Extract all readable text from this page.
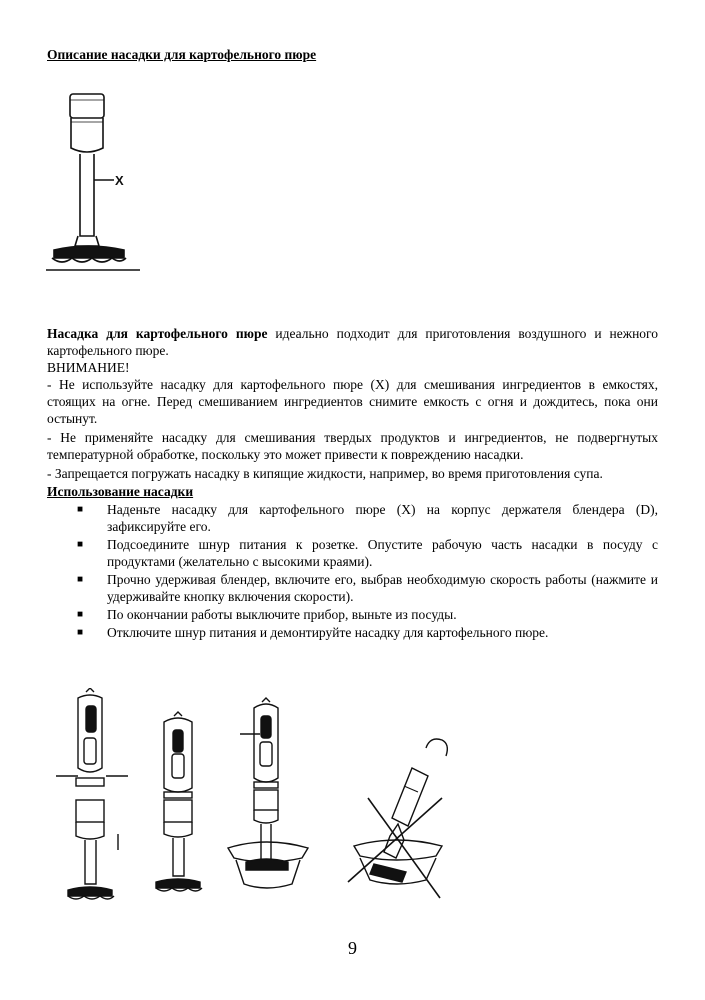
Описание насадки для картофельного пюре
X

Насадка для картофельного пюре идеально подходит для приготовления воздушного и нежного картофельного пюре.

ВНИМАНИЕ!

- Не используйте насадку для картофельного пюре (X) для смешивания ингредиентов в емкостях, стоящих на огне. Перед смешиванием ингредиентов снимите емкость с огня и дождитесь, пока они остынут.

- Не применяйте насадку для смешивания твердых продуктов и ингредиентов, не подвергнутых температурной обработке, поскольку это может привести к повреждению насадки.

- Запрещается погружать насадку в кипящие жидкости, например, во время приготовления супа.

Использование насадки

■ Наденьте насадку для картофельного пюре (X) на корпус держателя блендера (D), зафиксируйте его.
■ Подсоедините шнур питания к розетке. Опустите рабочую часть насадки в посуду с продуктами (желательно с высокими краями).
■ Прочно удерживая блендер, включите его, выбрав необходимую скорость работы (нажмите и удерживайте кнопку включения скорости).
■ По окончании работы выключите прибор, выньте из посуды.
■ Отключите шнур питания и демонтируйте насадку для картофельного пюре.
9
